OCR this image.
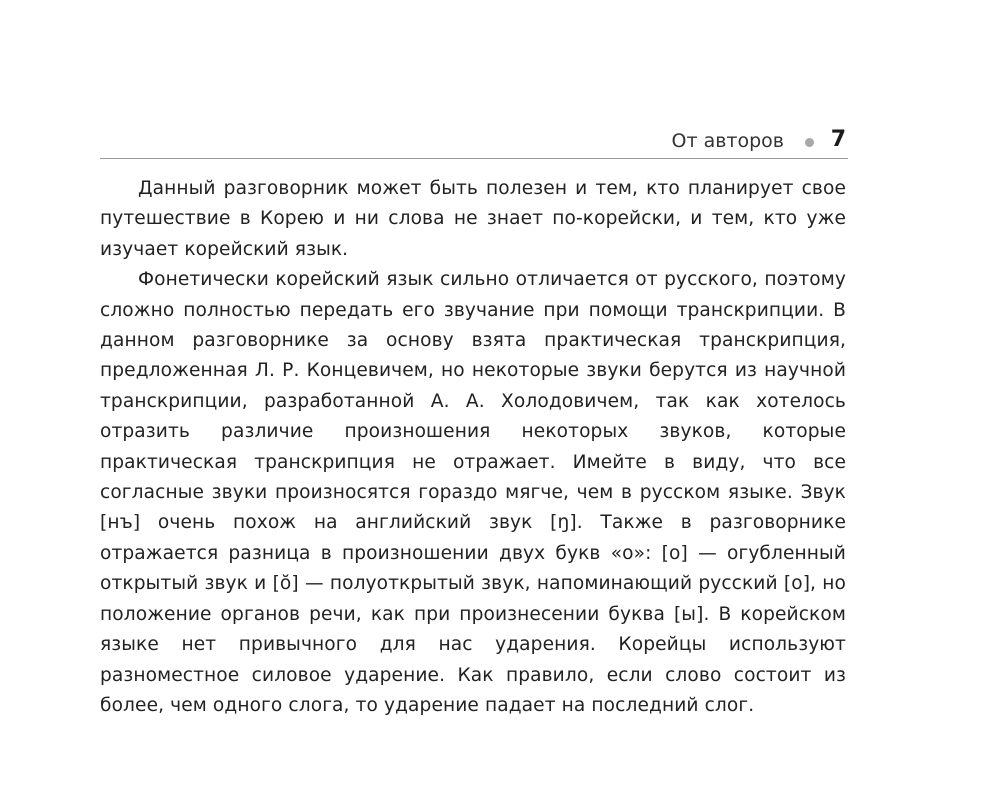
От авторов 7

Данный разговорник может быть полезен и тем, кто планирует свое путешествие в Корею и ни слова не знает по-корейски, и тем, кто уже изучает корейский язык.

Фонетически корейский язык сильно отличается от русского, поэтому сложно полностью передать его звучание при помощи транскрипции. В данном разговорнике за основу взята практическая транскрипция, предложенная Л. Р. Концевичем, но некоторые звуки берутся из научной транскрипции, разработанной А. А. Холодовичем, так как хотелось отразить различие произношения некоторых звуков, которые практическая транскрипция не отражает. Имейте в виду, что все согласные звуки произносятся гораздо мягче, чем в русском языке. Звук [нъ] очень похож на английский звук [ŋ]. Также в разговорнике отражается разница в произношении двух букв «о»: [о] — огубленный открытый звук и [ŏ] — полуоткрытый звук, напоминающий русский [о], но положение органов речи, как при произнесении буква [ы]. В корейском языке нет привычного для нас ударения. Корейцы используют разноместное силовое ударение. Как правило, если слово состоит из более, чем одного слога, то ударение падает на последний слог.
